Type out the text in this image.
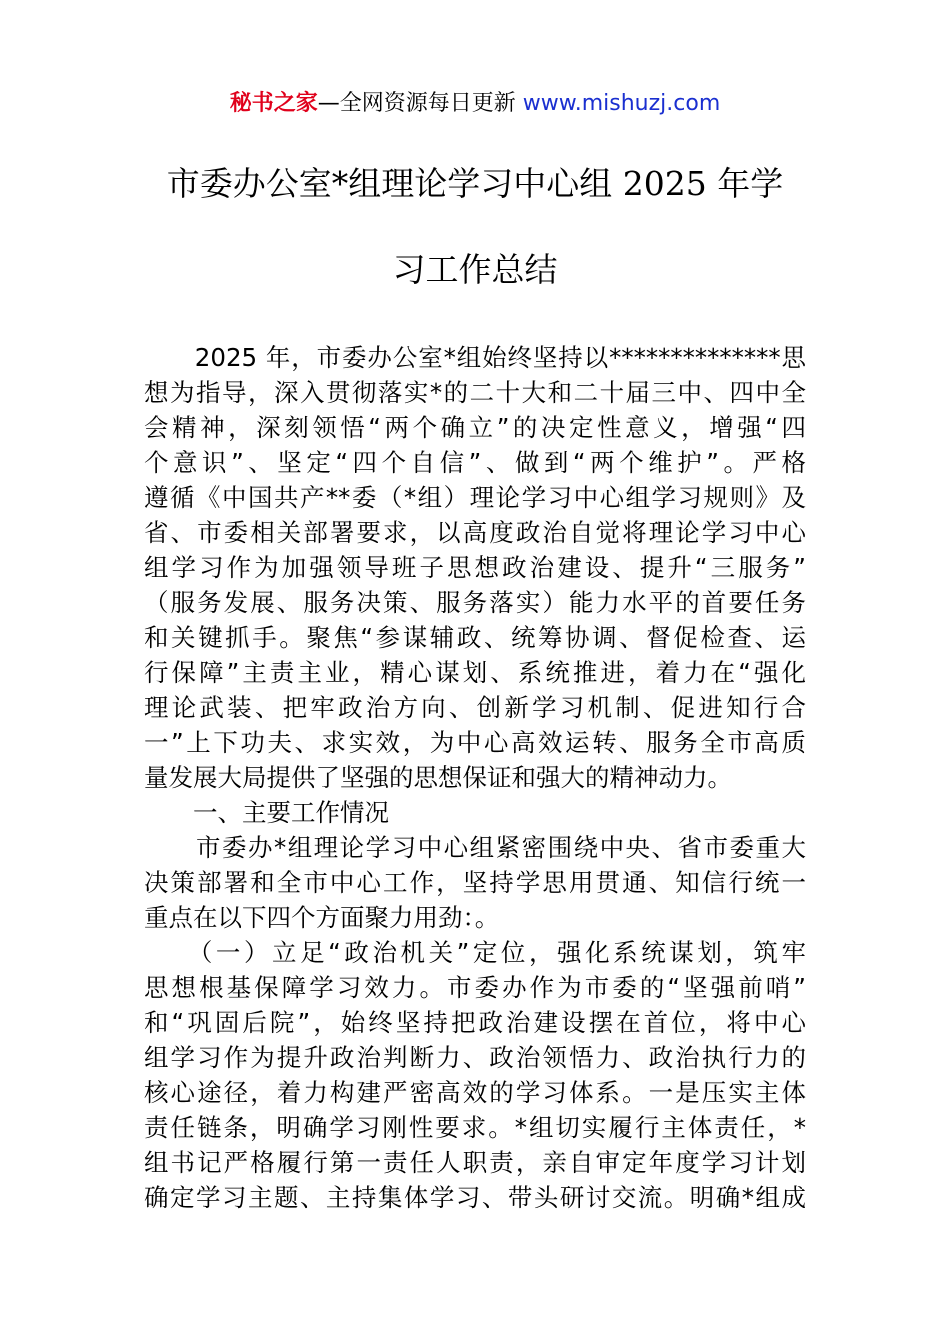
秘书之家—全网资源每日更新 www.mishuzj.com
市委办公室*组理论学习中心组 2025 年学
习工作总结
　　2025 年，市委办公室*组始终坚持以**************思
想为指导，深入贯彻落实*的二十大和二十届三中、四中全
会精神，深刻领悟“两个确立”的决定性意义，增强“四
个意识”、坚定“四个自信”、做到“两个维护”。严格
遵循《中国共产**委（*组）理论学习中心组学习规则》及
省、市委相关部署要求，以高度政治自觉将理论学习中心
组学习作为加强领导班子思想政治建设、提升“三服务”
（服务发展、服务决策、服务落实）能力水平的首要任务
和关键抓手。聚焦“参谋辅政、统筹协调、督促检查、运
行保障”主责主业，精心谋划、系统推进，着力在“强化
理论武装、把牢政治方向、创新学习机制、促进知行合
一”上下功夫、求实效，为中心高效运转、服务全市高质
量发展大局提供了坚强的思想保证和强大的精神动力。
　　一、主要工作情况
　　市委办*组理论学习中心组紧密围绕中央、省市委重大
决策部署和全市中心工作，坚持学思用贯通、知信行统一
重点在以下四个方面聚力用劲：。
　　（一）立足“政治机关”定位，强化系统谋划，筑牢
思想根基保障学习效力。市委办作为市委的“坚强前哨”
和“巩固后院”，始终坚持把政治建设摆在首位，将中心
组学习作为提升政治判断力、政治领悟力、政治执行力的
核心途径，着力构建严密高效的学习体系。一是压实主体
责任链条，明确学习刚性要求。*组切实履行主体责任，*
组书记严格履行第一责任人职责，亲自审定年度学习计划
确定学习主题、主持集体学习、带头研讨交流。明确*组成
